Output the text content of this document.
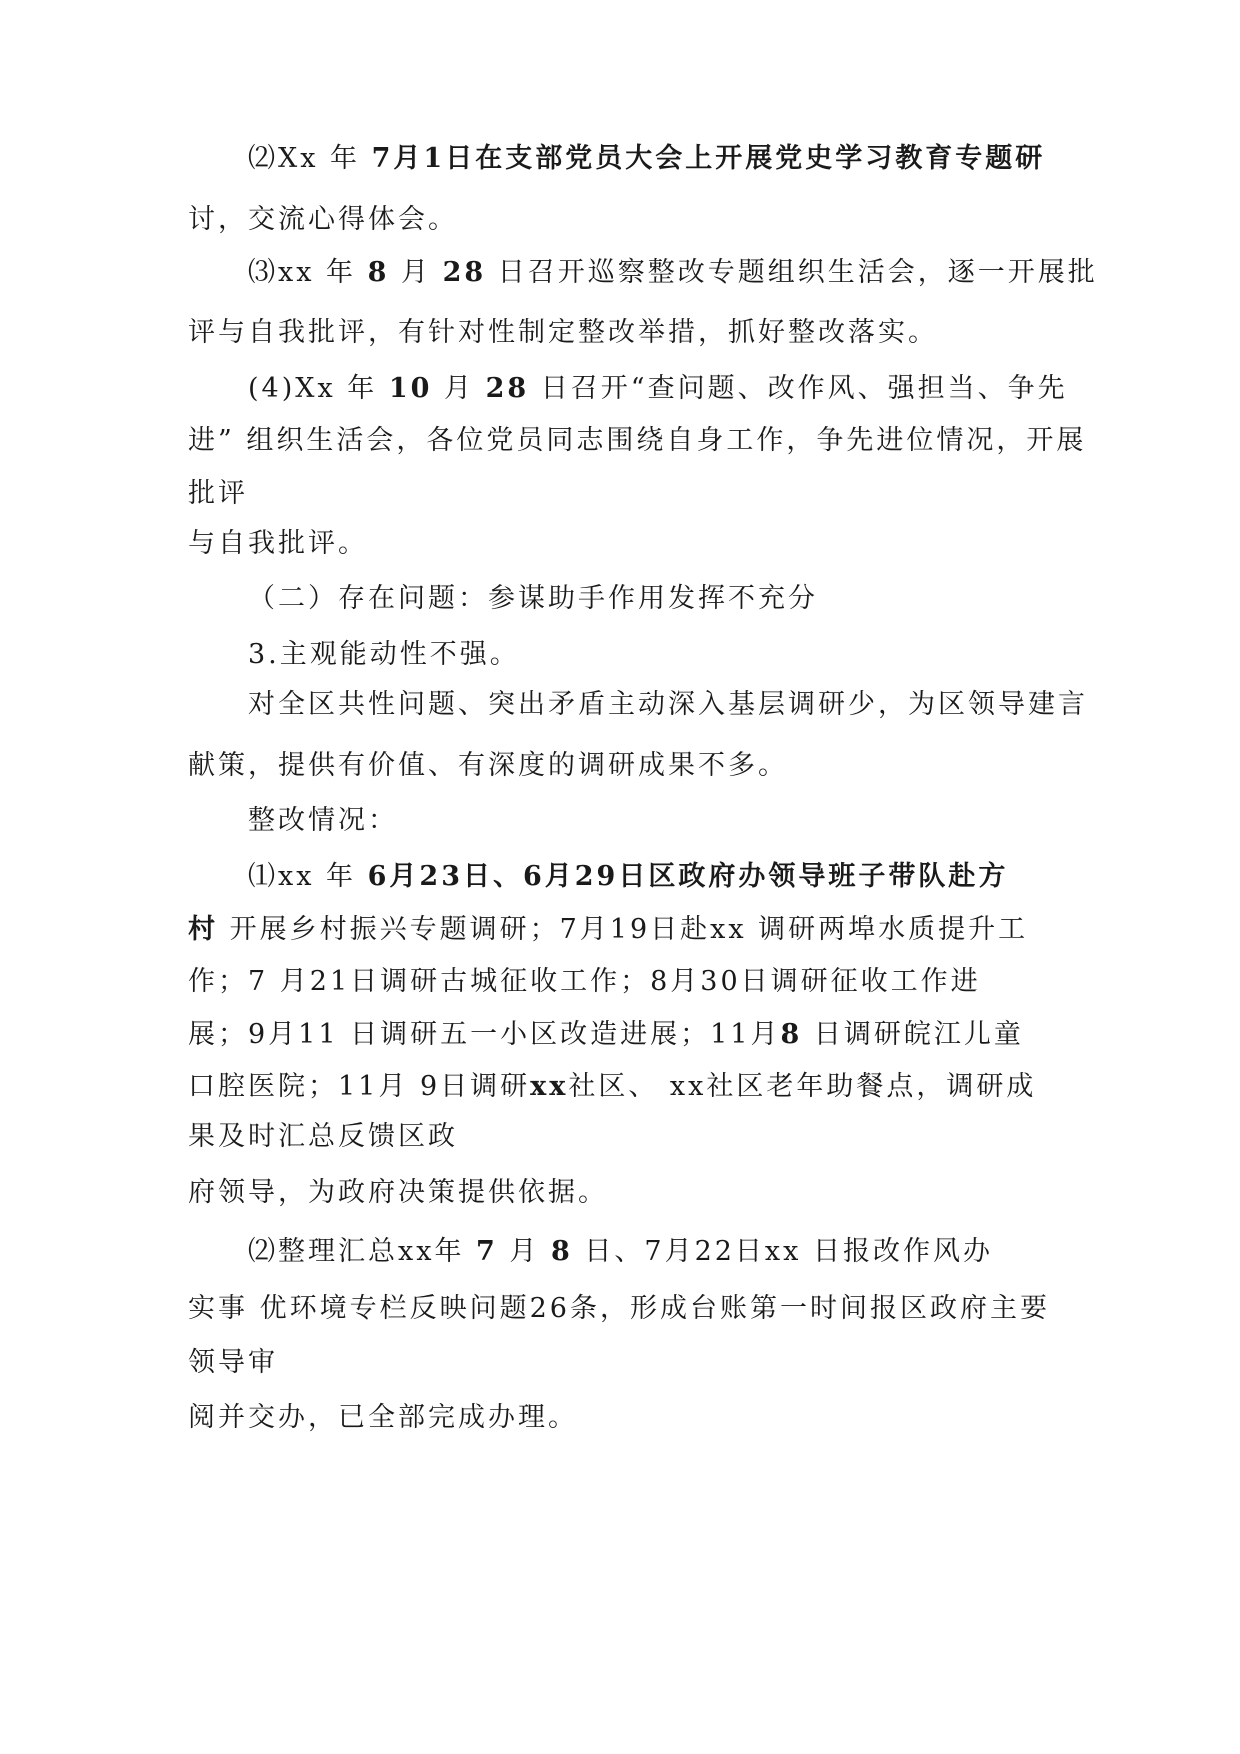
⑵Xx 年 7月1日在支部党员大会上开展党史学习教育专题研
讨，交流心得体会。
⑶xx 年 8 月 28 日召开巡察整改专题组织生活会，逐一开展批
评与自我批评，有针对性制定整改举措，抓好整改落实。
(4)Xx 年 10 月 28 日召开“查问题、改作风、强担当、争先
进” 组织生活会，各位党员同志围绕自身工作，争先进位情况，开展
批评
与自我批评。
（二）存在问题：参谋助手作用发挥不充分
3.主观能动性不强。
对全区共性问题、突出矛盾主动深入基层调研少，为区领导建言
献策，提供有价值、有深度的调研成果不多。
整改情况：
⑴xx 年 6月23日、6月29日区政府办领导班子带队赴方
村 开展乡村振兴专题调研；7月19日赴xx 调研两埠水质提升工
作；7 月21日调研古城征收工作；8月30日调研征收工作进
展；9月11 日调研五一小区改造进展；11月8 日调研皖江儿童
口腔医院；11月 9日调研xx社区、 xx社区老年助餐点，调研成
果及时汇总反馈区政
府领导，为政府决策提供依据。
⑵整理汇总xx年 7 月 8 日、7月22日xx 日报改作风办
实事 优环境专栏反映问题26条，形成台账第一时间报区政府主要
领导审
阅并交办，已全部完成办理。
